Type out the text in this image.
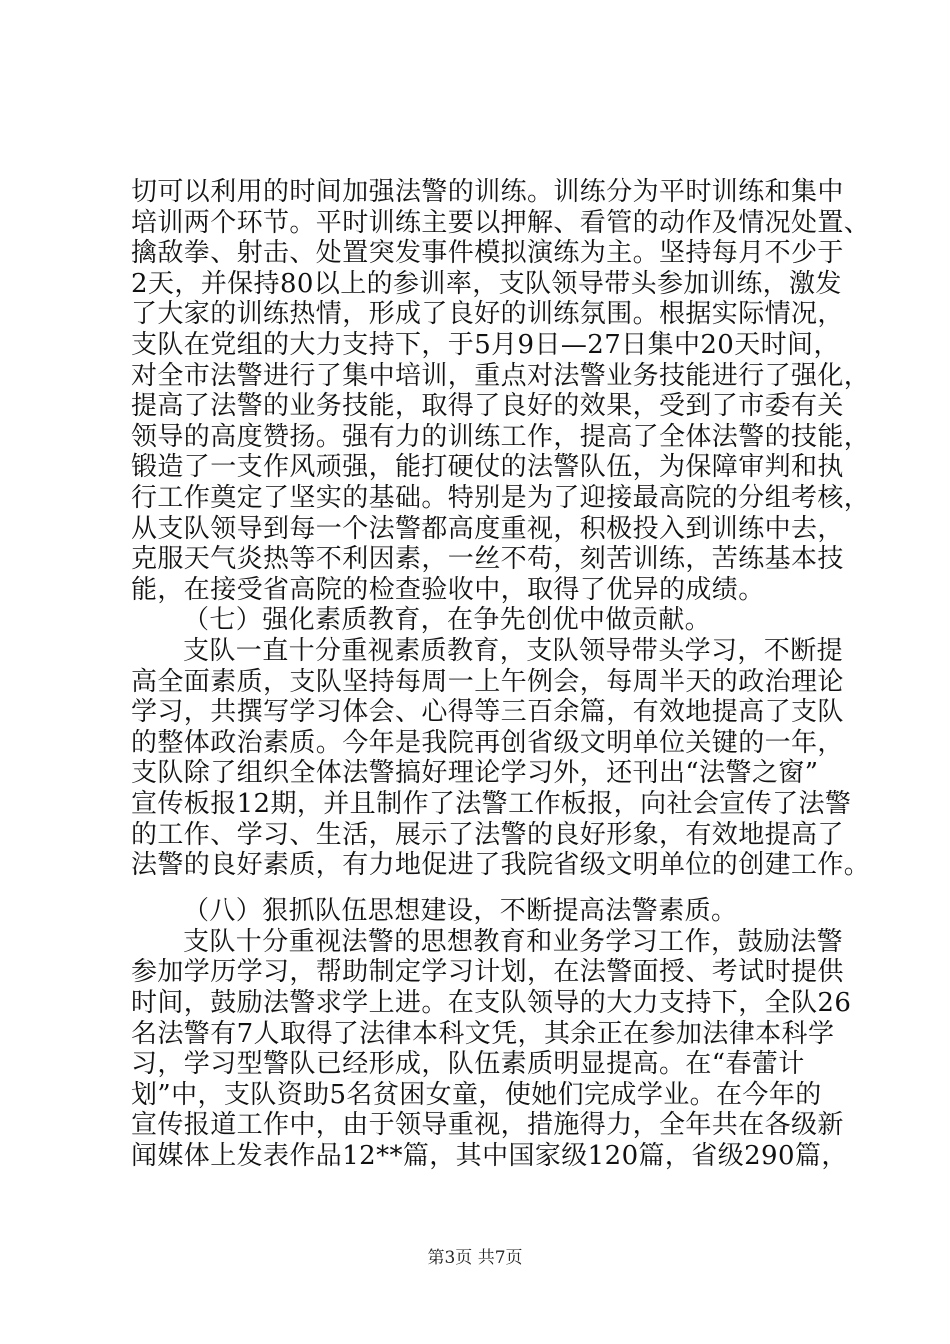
切可以利用的时间加强法警的训练。训练分为平时训练和集中
培训两个环节。平时训练主要以押解、看管的动作及情况处置、
擒敌拳、射击、处置突发事件模拟演练为主。坚持每月不少于
2天，并保持80以上的参训率，支队领导带头参加训练，激发
了大家的训练热情，形成了良好的训练氛围。根据实际情况，
支队在党组的大力支持下，于5月9日—27日集中20天时间，
对全市法警进行了集中培训，重点对法警业务技能进行了强化，
提高了法警的业务技能，取得了良好的效果，受到了市委有关
领导的高度赞扬。强有力的训练工作，提高了全体法警的技能，
锻造了一支作风顽强，能打硬仗的法警队伍，为保障审判和执
行工作奠定了坚实的基础。特别是为了迎接最高院的分组考核，
从支队领导到每一个法警都高度重视，积极投入到训练中去，
克服天气炎热等不利因素，一丝不苟，刻苦训练，苦练基本技
能，在接受省高院的检查验收中，取得了优异的成绩。
（七）强化素质教育，在争先创优中做贡献。
支队一直十分重视素质教育，支队领导带头学习，不断提
高全面素质，支队坚持每周一上午例会，每周半天的政治理论
学习，共撰写学习体会、心得等三百余篇，有效地提高了支队
的整体政治素质。今年是我院再创省级文明单位关键的一年，
支队除了组织全体法警搞好理论学习外，还刊出“法警之窗”
宣传板报12期，并且制作了法警工作板报，向社会宣传了法警
的工作、学习、生活，展示了法警的良好形象，有效地提高了
法警的良好素质，有力地促进了我院省级文明单位的创建工作。
（八）狠抓队伍思想建设，不断提高法警素质。
支队十分重视法警的思想教育和业务学习工作，鼓励法警
参加学历学习，帮助制定学习计划，在法警面授、考试时提供
时间，鼓励法警求学上进。在支队领导的大力支持下，全队26
名法警有7人取得了法律本科文凭，其余正在参加法律本科学
习，学习型警队已经形成，队伍素质明显提高。在“春蕾计
划”中，支队资助5名贫困女童，使她们完成学业。在今年的
宣传报道工作中，由于领导重视，措施得力，全年共在各级新
闻媒体上发表作品12**篇，其中国家级120篇，省级290篇，
第3页 共7页
